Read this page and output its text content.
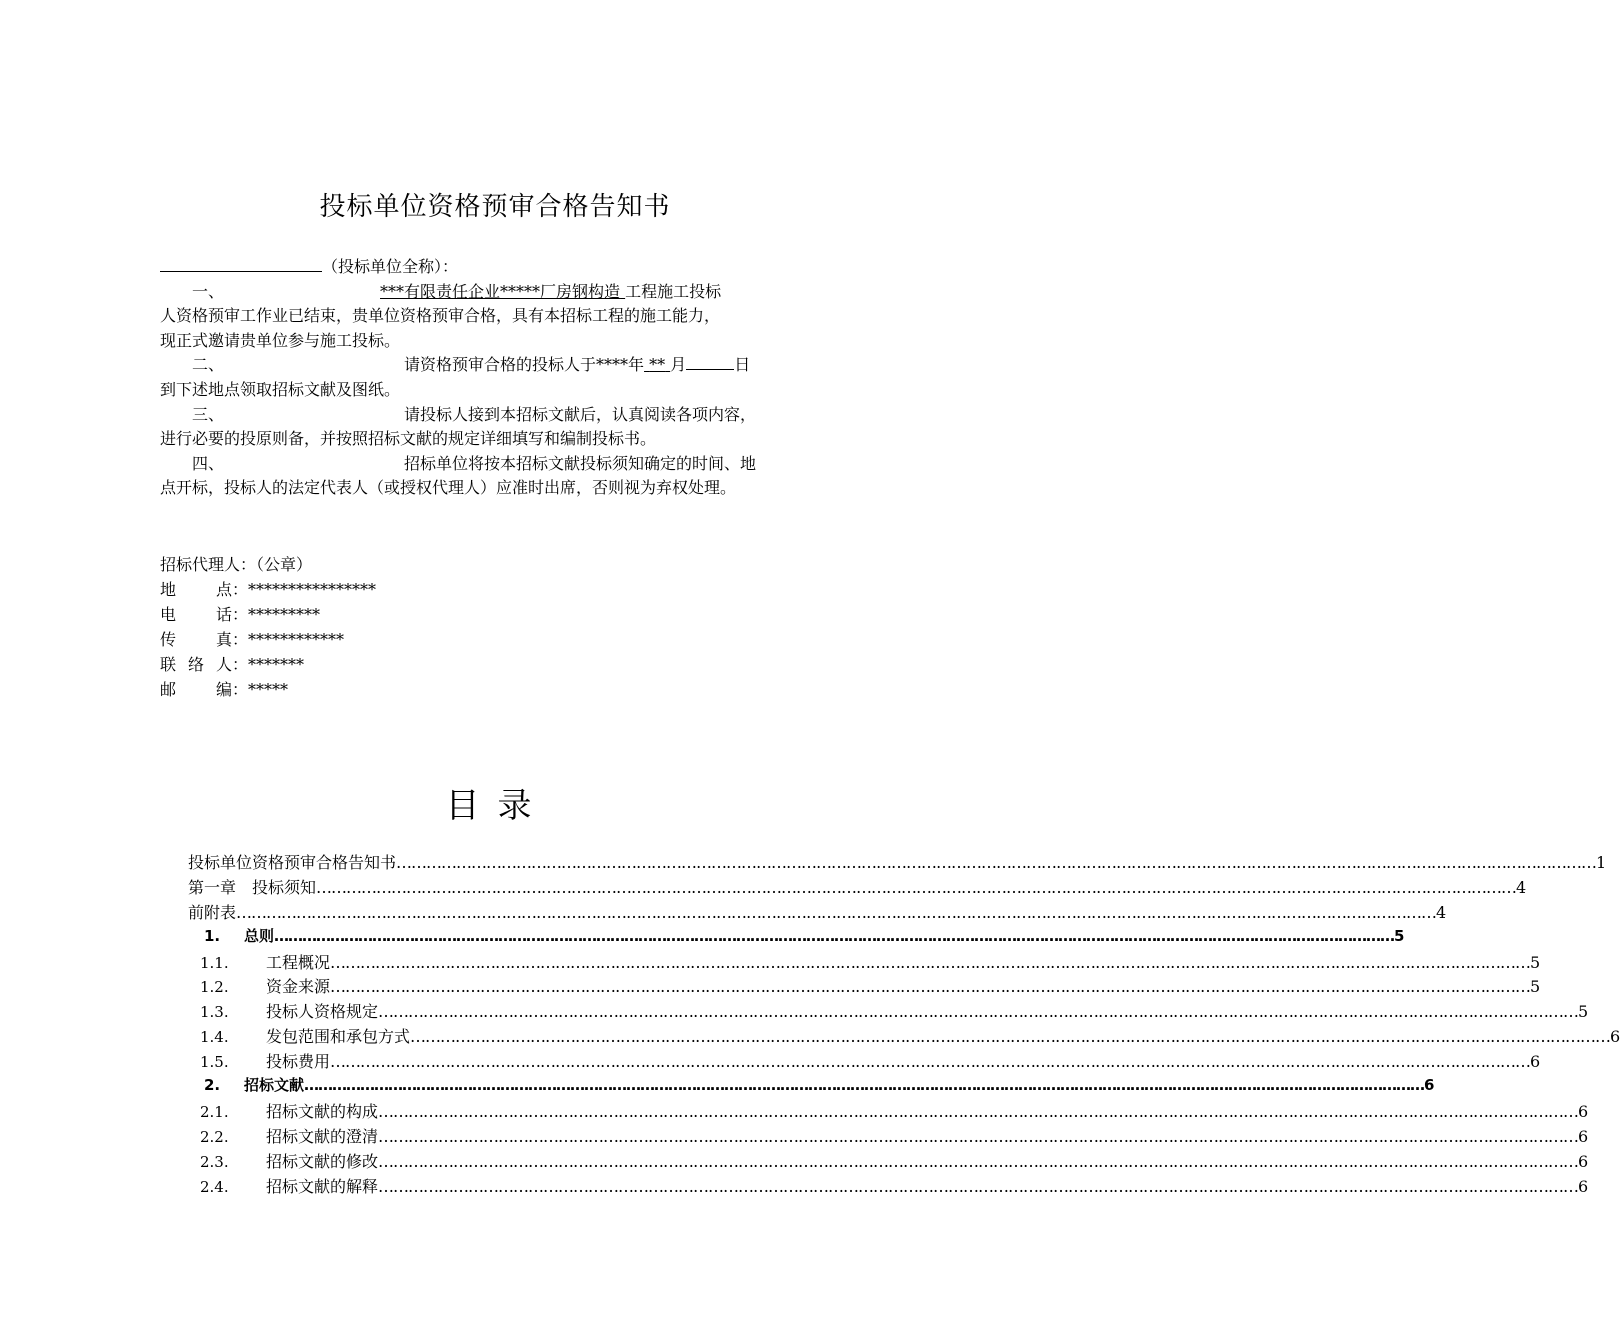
投标单位资格预审合格告知书
（投标单位全称）：
一、	***有限责任企业*****厂房钢构造 工程施工投标
人资格预审工作业已结束，贵单位资格预审合格，具有本招标工程的施工能力，
现正式邀请贵单位参与施工投标。
二、	请资格预审合格的投标人于****年 ** 月	日
到下述地点领取招标文献及图纸。
三、	请投标人接到本招标文献后，认真阅读各项内容，
进行必要的投原则备，并按照招标文献的规定详细填写和编制投标书。
四、	招标单位将按本招标文献投标须知确定的时间、地
点开标，投标人的法定代表人（或授权代理人）应准时出席，否则视为弃权处理。
招标代理人：（公章）
地点：****************
电话：*********
传真：************
联络人：*******
邮编：*****
目录
投标单位资格预审合格告知书 …………………………………………………………………………………………………………………………………………………………………………………………………………………… 1
第一章　投标须知 …………………………………………………………………………………………………………………………………………………………………………………………………………………… 4
前附表 …………………………………………………………………………………………………………………………………………………………………………………………………………………… 4
1. 总则 …………………………………………………………………………………………………………………………………………………………………………………………………………………… 5
1.1. 工程概况 …………………………………………………………………………………………………………………………………………………………………………………………………………………… 5
1.2. 资金来源 …………………………………………………………………………………………………………………………………………………………………………………………………………………… 5
1.3. 投标人资格规定 …………………………………………………………………………………………………………………………………………………………………………………………………………………… 5
1.4. 发包范围和承包方式 …………………………………………………………………………………………………………………………………………………………………………………………………………………… 6
1.5. 投标费用 …………………………………………………………………………………………………………………………………………………………………………………………………………………… 6
2. 招标文献 …………………………………………………………………………………………………………………………………………………………………………………………………………………… 6
2.1. 招标文献的构成 …………………………………………………………………………………………………………………………………………………………………………………………………………………… 6
2.2. 招标文献的澄清 …………………………………………………………………………………………………………………………………………………………………………………………………………………… 6
2.3. 招标文献的修改 …………………………………………………………………………………………………………………………………………………………………………………………………………………… 6
2.4. 招标文献的解释 …………………………………………………………………………………………………………………………………………………………………………………………………………………… 6
